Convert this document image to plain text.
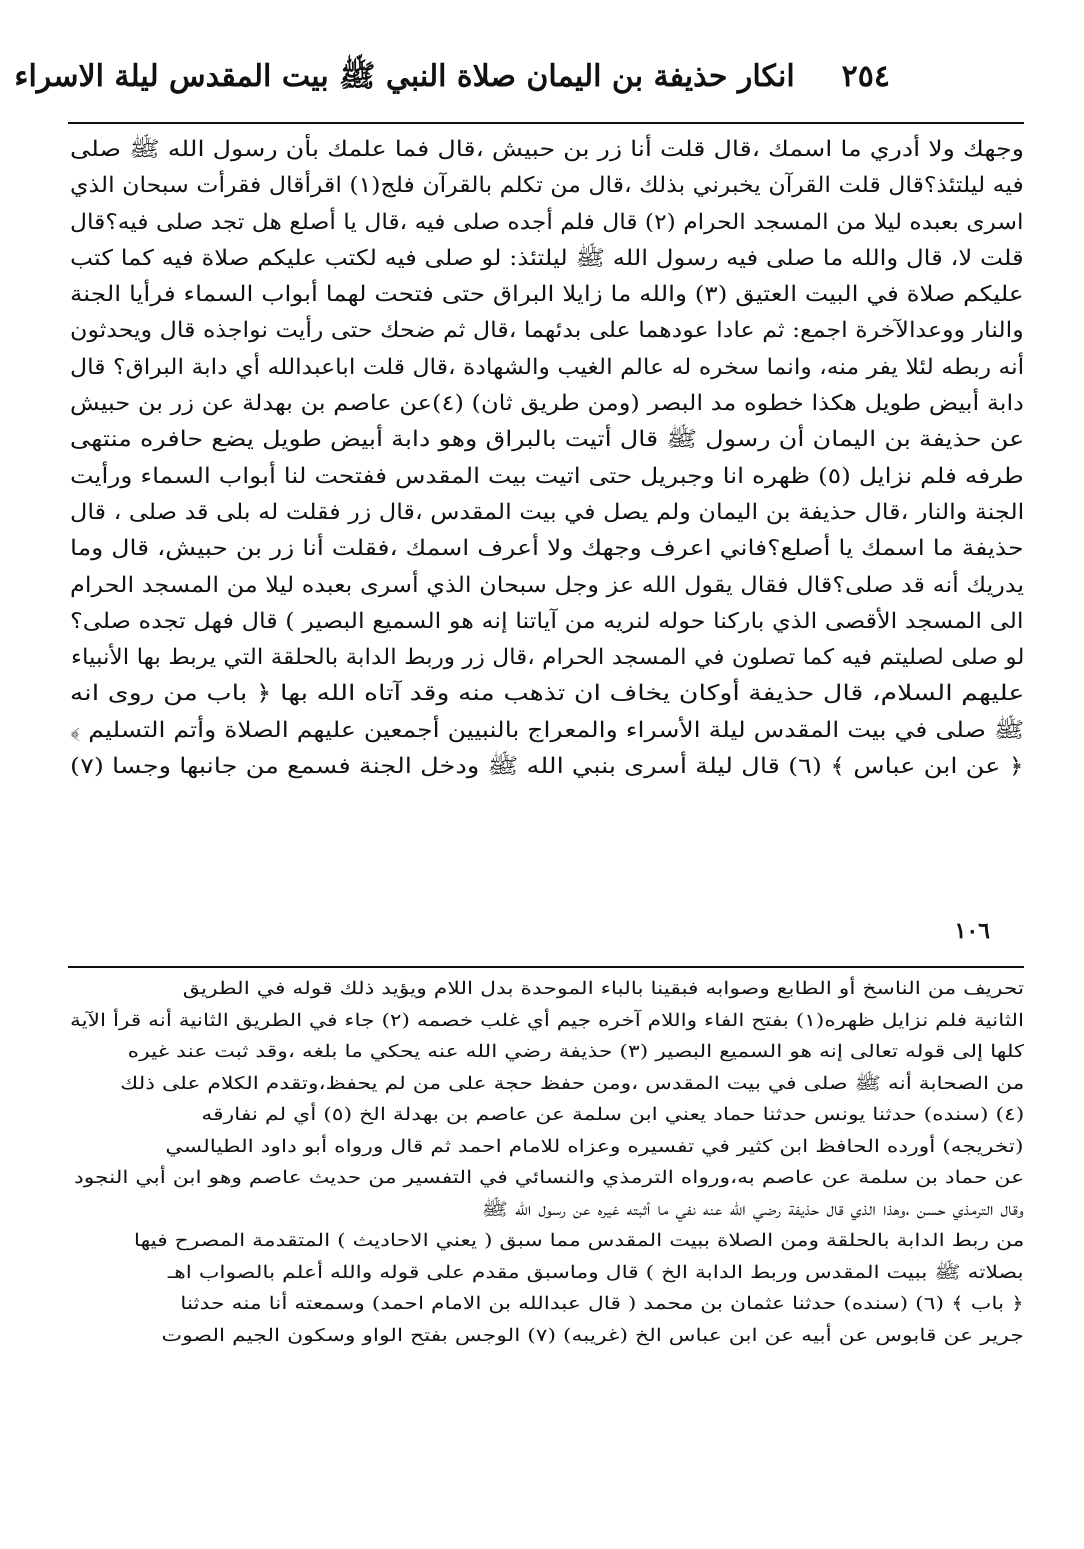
٢٥٤  انكار حذيفة بن اليمان صلاة النبي ﷺ بيت المقدس ليلة الاسراء
وجهك ولا أدري ما اسمك ،قال قلت أنا زر بن حبيش ،قال فما علمك بأن رسول الله ﷺ صلى
فيه ليلتئذ؟قال قلت القرآن يخبرني بذلك ،قال من تكلم بالقرآن فلج(١) اقرأقال فقرأت سبحان الذي
اسرى بعبده ليلا من المسجد الحرام (٢) قال فلم أجده صلى فيه ،قال يا أصلع هل تجد صلى فيه؟قال
قلت لا، قال والله ما صلى فيه رسول الله ﷺ ليلتئذ: لو صلى فيه لكتب عليكم صلاة فيه كما كتب
عليكم صلاة في البيت العتيق (٣) والله ما زايلا البراق حتى فتحت لهما أبواب السماء فرأيا الجنة
والنار ووعدالآخرة اجمع: ثم عادا عودهما على بدئهما ،قال ثم ضحك حتى رأيت نواجذه قال ويحدثون
أنه ربطه لئلا يفر منه، وانما سخره له عالم الغيب والشهادة ،قال قلت اباعبدالله أي دابة البراق؟ قال
دابة أبيض طويل هكذا خطوه مد البصر (ومن طريق ثان) (٤)عن عاصم بن بهدلة عن زر بن حبيش
عن حذيفة بن اليمان أن رسول ﷺ قال أتيت بالبراق وهو دابة أبيض طويل يضع حافره منتهى
طرفه فلم نزايل (٥) ظهره انا وجبريل حتى اتيت بيت المقدس ففتحت لنا أبواب السماء ورأيت
الجنة والنار ،قال حذيفة بن اليمان ولم يصل في بيت المقدس ،قال زر فقلت له بلى قد صلى ، قال
حذيفة ما اسمك يا أصلع؟فاني اعرف وجهك ولا أعرف اسمك ،فقلت أنا زر بن حبيش، قال وما
يدريك أنه قد صلى؟قال فقال يقول الله عز وجل سبحان الذي أسرى بعبده ليلا من المسجد الحرام
الى المسجد الأقصى الذي باركنا حوله لنريه من آياتنا إنه هو السميع البصير ) قال فهل تجده صلى؟
لو صلى لصليتم فيه كما تصلون في المسجد الحرام ،قال زر وربط الدابة بالحلقة التي يربط بها الأنبياء
عليهم السلام، قال حذيفة أوكان يخاف ان تذهب منه وقد آتاه الله بها ﴿ باب من روى انه
ﷺ صلى في بيت المقدس ليلة الأسراء والمعراج بالنبيين أجمعين عليهم الصلاة وأتم التسليم ﴾
﴿ عن ابن عباس ﴾ (٦) قال ليلة أسرى بنبي الله ﷺ ودخل الجنة فسمع من جانبها وجسا (٧)
١٠٦
تحريف من الناسخ أو الطابع وصوابه فبقينا بالباء الموحدة بدل اللام ويؤيد ذلك قوله في الطريق
الثانية فلم نزايل ظهره(١) بفتح الفاء واللام آخره جيم أي غلب خصمه (٢) جاء في الطريق الثانية أنه قرأ الآية
كلها إلى قوله تعالى إنه هو السميع البصير (٣) حذيفة رضي الله عنه يحكي ما بلغه ،وقد ثبت عند غيره
من الصحابة أنه ﷺ صلى في بيت المقدس ،ومن حفظ حجة على من لم يحفظ،وتقدم الكلام على ذلك
(٤) (سنده) حدثنا يونس حدثنا حماد يعني ابن سلمة عن عاصم بن بهدلة الخ (٥) أي لم نفارقه
(تخريجه) أورده الحافظ ابن كثير في تفسيره وعزاه للامام احمد ثم قال ورواه أبو داود الطيالسي
عن حماد بن سلمة عن عاصم به،ورواه الترمذي والنسائي في التفسير من حديث عاصم وهو ابن أبي النجود
وقال الترمذي حسن ،وهذا الذي قال حذيفة رضي الله عنه نفي ما أثبته غيره عن رسول الله ﷺ
من ربط الدابة بالحلقة ومن الصلاة ببيت المقدس مما سبق ( يعني الاحاديث ) المتقدمة المصرح فيها
بصلاته ﷺ ببيت المقدس وربط الدابة الخ ) قال وماسبق مقدم على قوله والله أعلم بالصواب اهـ
﴿ باب ﴾ (٦) (سنده) حدثنا عثمان بن محمد ( قال عبدالله بن الامام احمد) وسمعته أنا منه حدثنا
جرير عن قابوس عن أبيه عن ابن عباس الخ (غريبه) (٧) الوجس بفتح الواو وسكون الجيم الصوت
